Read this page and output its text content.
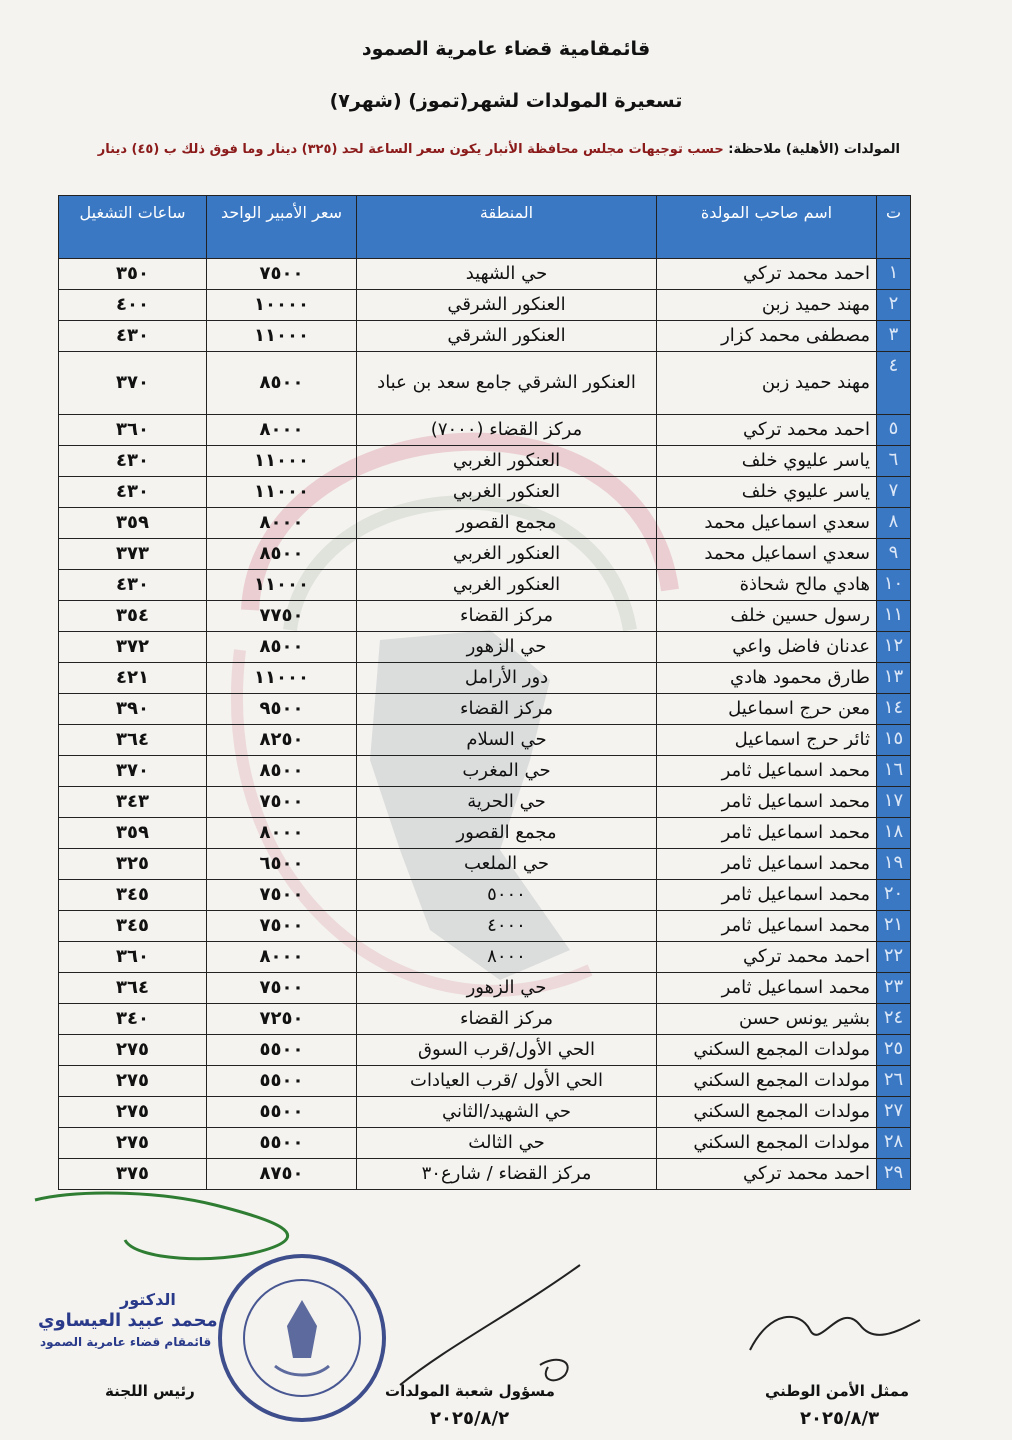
قائمقامية قضاء عامرية الصمود
تسعيرة المولدات لشهر(تموز) (شهر٧)
المولدات (الأهلية) ملاحظة: حسب توجيهات مجلس محافظة الأنبار يكون سعر الساعة لحد (٣٢٥) دينار وما فوق ذلك ب (٤٥) دينار
ت	اسم صاحب المولدة	المنطقة	سعر الأمبير الواحد	ساعات التشغيل
١	احمد محمد تركي	حي الشهيد	٧٥٠٠	٣٥٠
٢	مهند حميد زبن	العنكور الشرقي	١٠٠٠٠	٤٠٠
٣	مصطفى محمد كزار	العنكور الشرقي	١١٠٠٠	٤٣٠
٤	مهند حميد زبن	العنكور الشرقي جامع سعد بن عباد	٨٥٠٠	٣٧٠
٥	احمد محمد تركي	مركز القضاء (٧٠٠٠)	٨٠٠٠	٣٦٠
٦	ياسر عليوي خلف	العنكور الغربي	١١٠٠٠	٤٣٠
٧	ياسر عليوي خلف	العنكور الغربي	١١٠٠٠	٤٣٠
٨	سعدي اسماعيل محمد	مجمع القصور	٨٠٠٠	٣٥٩
٩	سعدي اسماعيل محمد	العنكور الغربي	٨٥٠٠	٣٧٣
١٠	هادي مالح شحاذة	العنكور الغربي	١١٠٠٠	٤٣٠
١١	رسول حسين خلف	مركز القضاء	٧٧٥٠	٣٥٤
١٢	عدنان فاضل واعي	حي الزهور	٨٥٠٠	٣٧٢
١٣	طارق محمود هادي	دور الأرامل	١١٠٠٠	٤٢١
١٤	معن حرج اسماعيل	مركز القضاء	٩٥٠٠	٣٩٠
١٥	ثائر حرج اسماعيل	حي السلام	٨٢٥٠	٣٦٤
١٦	محمد اسماعيل ثامر	حي المغرب	٨٥٠٠	٣٧٠
١٧	محمد اسماعيل ثامر	حي الحرية	٧٥٠٠	٣٤٣
١٨	محمد اسماعيل ثامر	مجمع القصور	٨٠٠٠	٣٥٩
١٩	محمد اسماعيل ثامر	حي الملعب	٦٥٠٠	٣٢٥
٢٠	محمد اسماعيل ثامر	٥٠٠٠	٧٥٠٠	٣٤٥
٢١	محمد اسماعيل ثامر	٤٠٠٠	٧٥٠٠	٣٤٥
٢٢	احمد محمد تركي	٨٠٠٠	٨٠٠٠	٣٦٠
٢٣	محمد اسماعيل ثامر	حي الزهور	٧٥٠٠	٣٦٤
٢٤	بشير يونس حسن	مركز القضاء	٧٢٥٠	٣٤٠
٢٥	مولدات المجمع السكني	الحي الأول/قرب السوق	٥٥٠٠	٢٧٥
٢٦	مولدات المجمع السكني	الحي الأول /قرب العيادات	٥٥٠٠	٢٧٥
٢٧	مولدات المجمع السكني	حي الشهيد/الثاني	٥٥٠٠	٢٧٥
٢٨	مولدات المجمع السكني	حي الثالث	٥٥٠٠	٢٧٥
٢٩	احمد محمد تركي	مركز القضاء / شارع٣٠	٨٧٥٠	٣٧٥
الدكتور
محمد عبيد العيساوي
قائمقام قضاء عامرية الصمود
رئيس اللجنة	مسؤول شعبة المولدات
٢٠٢٥/٨/٢
ممثل الأمن الوطني
٢٠٢٥/٨/٣
